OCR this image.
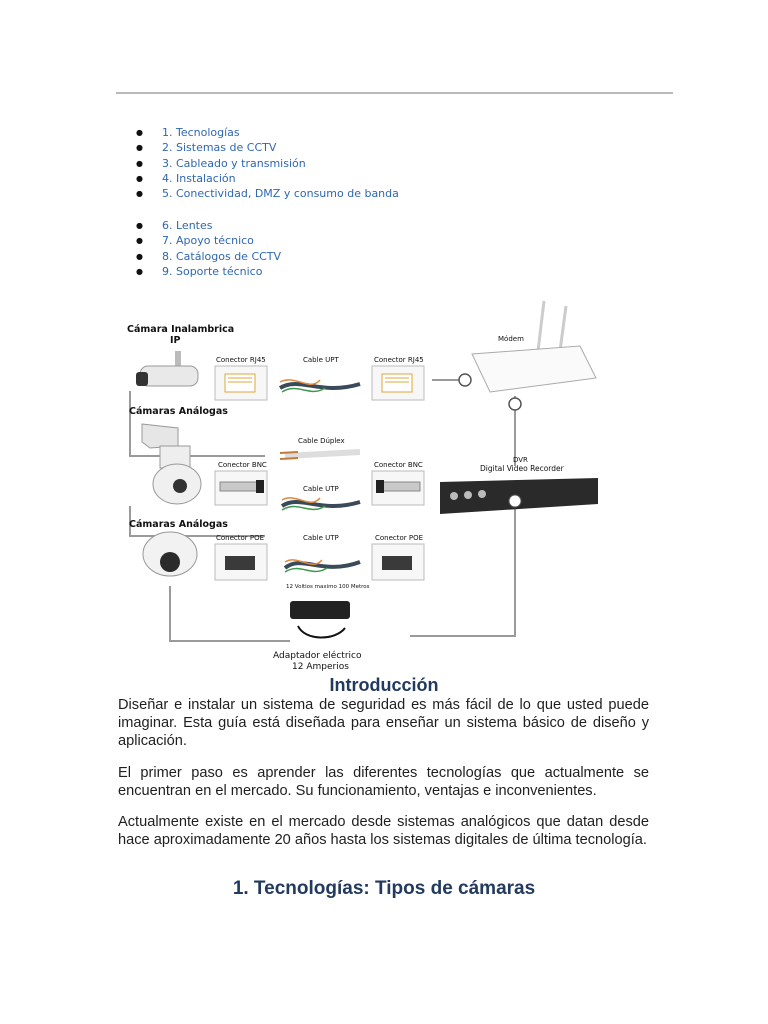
● 1. Tecnologías
● 2. Sistemas de CCTV
● 3. Cableado y transmisión
● 4. Instalación
● 5. Conectividad, DMZ y consumo de banda
● 6. Lentes
● 7. Apoyo técnico
● 8. Catálogos de CCTV
● 9. Soporte técnico
Cámara Inalambrica
IP
Cámaras Análogas
Cámaras Análogas
Conector RJ45	Cable UPT	Conector RJ45
Módem
Cable Dúplex
Conector BNC	Conector BNC
Cable UTP
DVR
Digital Video Recorder
Conector POE	Cable UTP	Conector POE
12 Voltios maximo 100 Metros
Adaptador eléctrico
12 Amperios
Introducción

Diseñar e instalar un sistema de seguridad es más fácil de lo que usted puede imaginar. Esta guía está diseñada para enseñar un sistema básico de diseño y aplicación.

El primer paso es aprender las diferentes tecnologías que actualmente se encuentran en el mercado. Su funcionamiento, ventajas e inconvenientes.

Actualmente existe en el mercado desde sistemas analógicos que datan desde hace aproximadamente 20 años hasta los sistemas digitales de última tecnología.

1. Tecnologías: Tipos de cámaras
